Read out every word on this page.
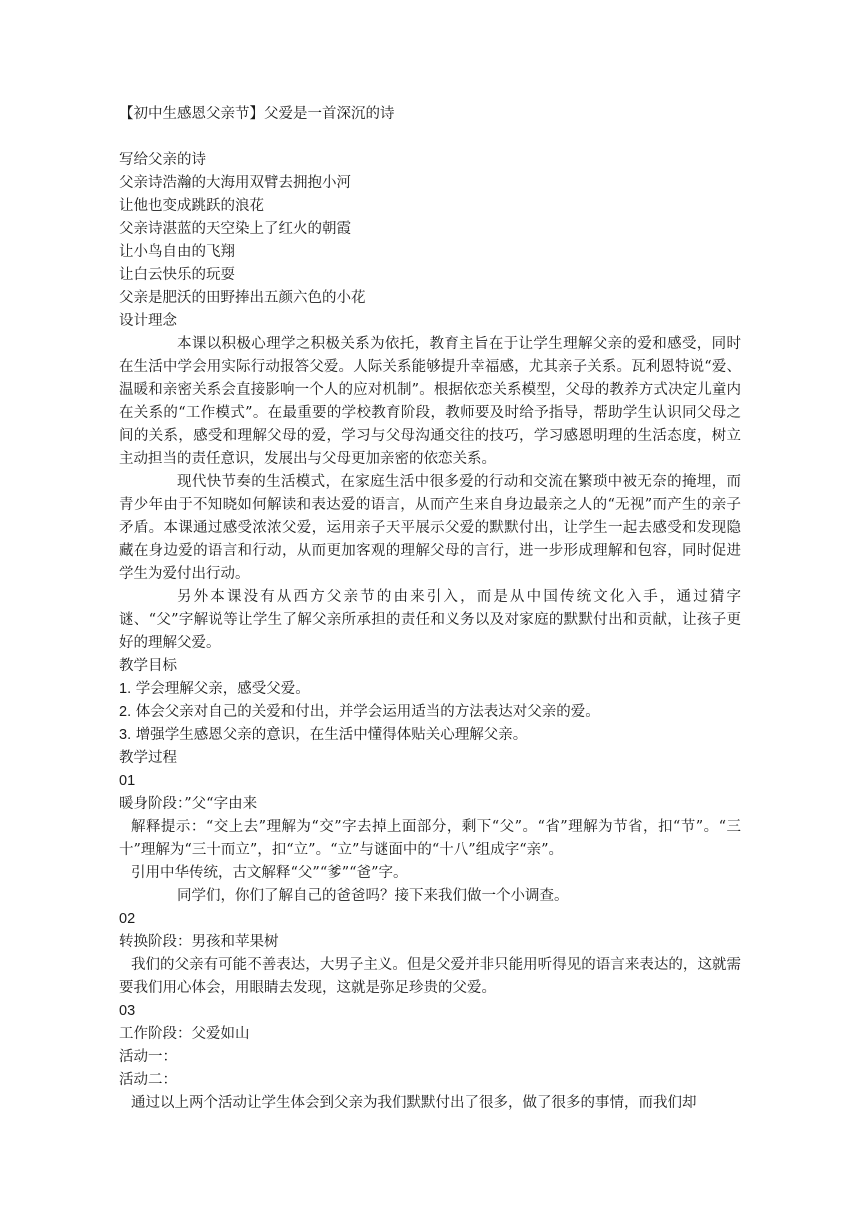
【初中生感恩父亲节】父爱是一首深沉的诗

写给父亲的诗

父亲诗浩瀚的大海用双臂去拥抱小河

让他也变成跳跃的浪花

父亲诗湛蓝的天空染上了红火的朝霞

让小鸟自由的飞翔

让白云快乐的玩耍

父亲是肥沃的田野捧出五颜六色的小花

设计理念

本课以积极心理学之积极关系为依托，教育主旨在于让学生理解父亲的爱和感受，同时在生活中学会用实际行动报答父爱。人际关系能够提升幸福感，尤其亲子关系。瓦利恩特说“爱、温暖和亲密关系会直接影响一个人的应对机制”。根据依恋关系模型，父母的教养方式决定儿童内在关系的“工作模式”。在最重要的学校教育阶段，教师要及时给予指导，帮助学生认识同父母之间的关系，感受和理解父母的爱，学习与父母沟通交往的技巧，学习感恩明理的生活态度，树立主动担当的责任意识，发展出与父母更加亲密的依恋关系。

现代快节奏的生活模式，在家庭生活中很多爱的行动和交流在繁琐中被无奈的掩埋，而青少年由于不知晓如何解读和表达爱的语言，从而产生来自身边最亲之人的“无视”而产生的亲子矛盾。本课通过感受浓浓父爱，运用亲子天平展示父爱的默默付出，让学生一起去感受和发现隐藏在身边爱的语言和行动，从而更加客观的理解父母的言行，进一步形成理解和包容，同时促进学生为爱付出行动。

另外本课没有从西方父亲节的由来引入，而是从中国传统文化入手，通过猜字谜、“父”字解说等让学生了解父亲所承担的责任和义务以及对家庭的默默付出和贡献，让孩子更好的理解父爱。

教学目标

1. 学会理解父亲，感受父爱。

2. 体会父亲对自己的关爱和付出，并学会运用适当的方法表达对父亲的爱。

3. 增强学生感恩父亲的意识，在生活中懂得体贴关心理解父亲。

教学过程

01

暖身阶段：”父“字由来

解释提示：“交上去”理解为“交”字去掉上面部分，剩下“父”。“省”理解为节省，扣“节”。“三十”理解为“三十而立”，扣“立”。“立”与谜面中的“十八”组成字“亲”。

引用中华传统，古文解释“父”“爹”“爸”字。

同学们，你们了解自己的爸爸吗？接下来我们做一个小调查。

02

转换阶段：男孩和苹果树

我们的父亲有可能不善表达，大男子主义。但是父爱并非只能用听得见的语言来表达的，这就需要我们用心体会，用眼睛去发现，这就是弥足珍贵的父爱。

03

工作阶段：父爱如山

活动一：

活动二：

通过以上两个活动让学生体会到父亲为我们默默付出了很多，做了很多的事情，而我们却
